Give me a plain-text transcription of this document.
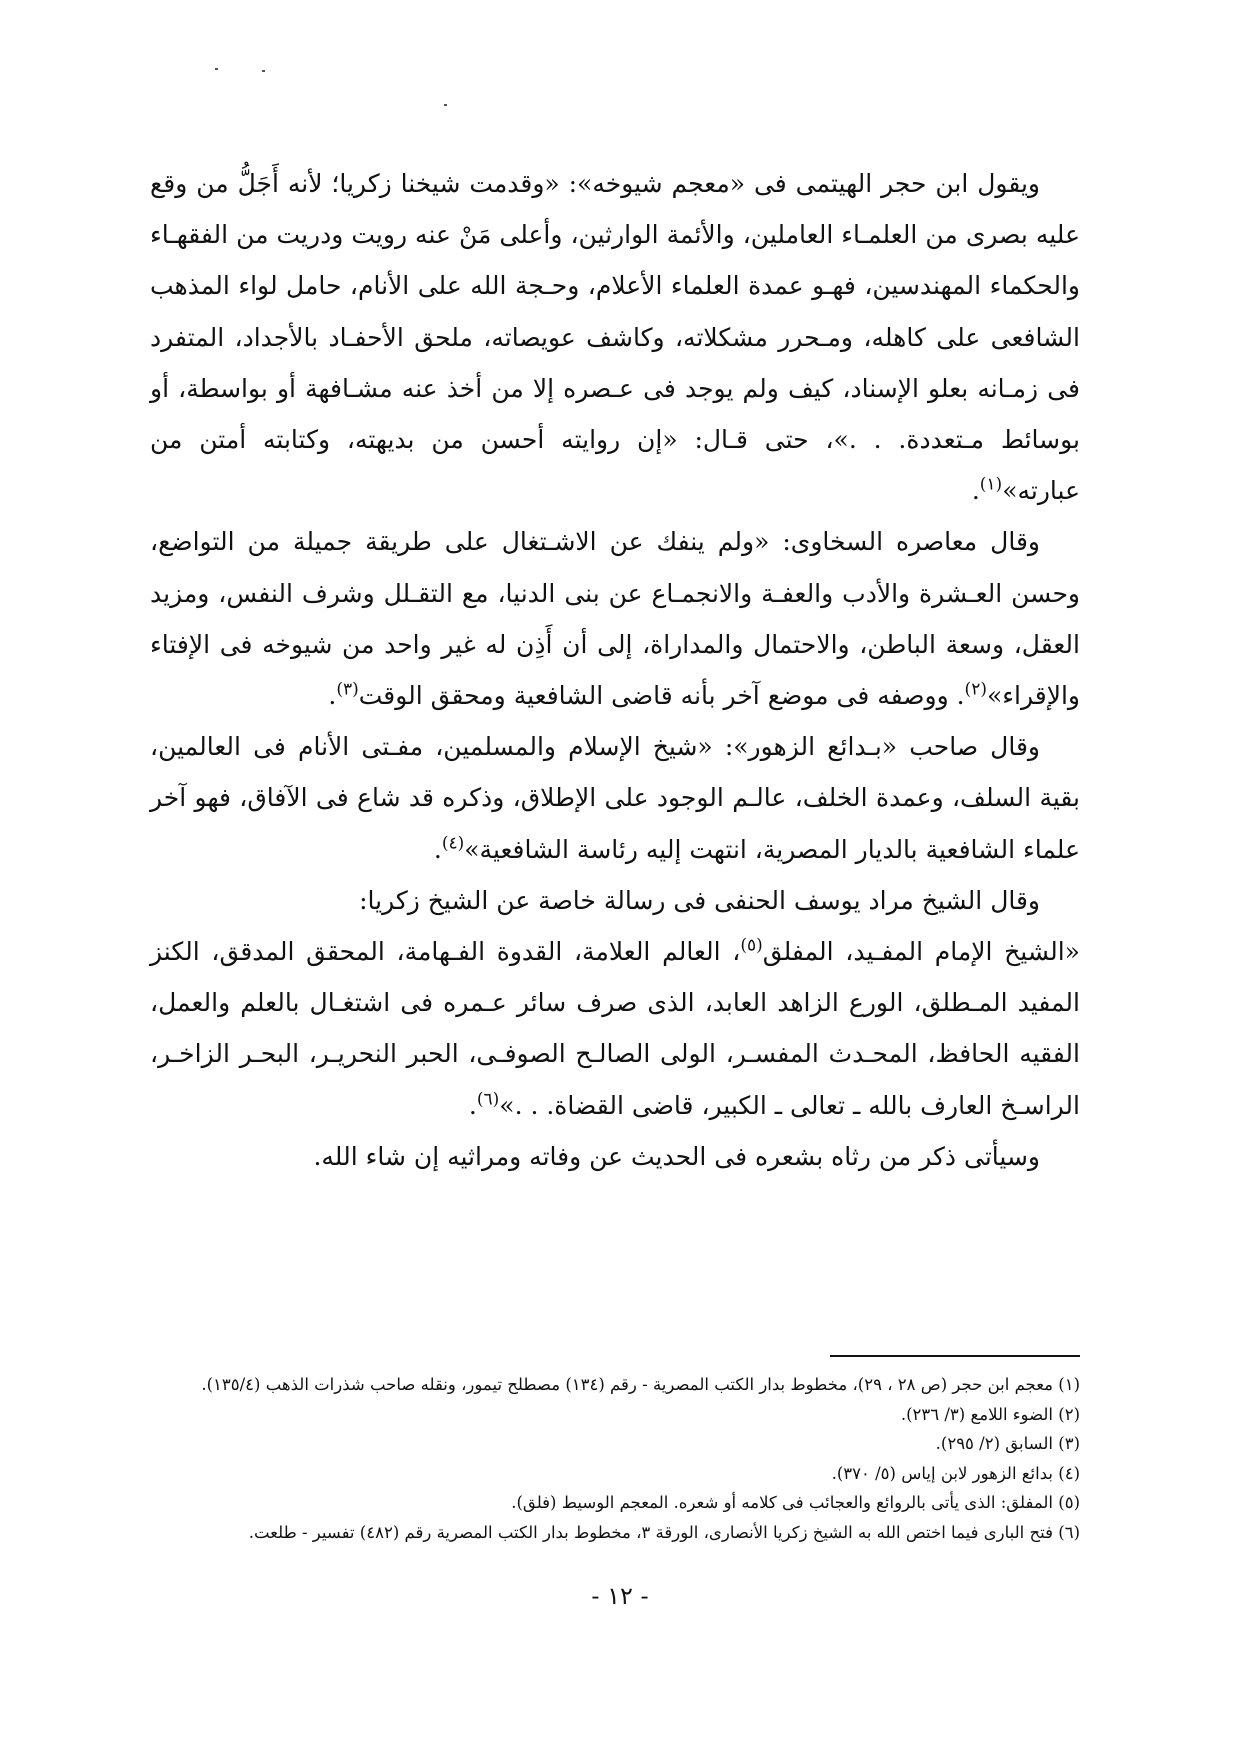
ويقول ابن حجر الهيتمى فى «معجم شيوخه»: «وقدمت شيخنا زكريا؛ لأنه أَجَلُّ من وقع عليه بصرى من العلمـاء العاملين، والأئمة الوارثين، وأعلى مَنْ عنه رويت ودريت من الفقهـاء والحكماء المهندسين، فهـو عمدة العلماء الأعلام، وحـجة الله على الأنام، حامل لواء المذهب الشافعى على كاهله، ومـحرر مشكلاته، وكاشف عويصاته، ملحق الأحفـاد بالأجداد، المتفرد فى زمـانه بعلو الإسناد، كيف ولم يوجد فى عـصره إلا من أخذ عنه مشـافهة أو بواسطة، أو بوسائط مـتعددة. . .»، حتى قـال: «إن روايته أحسن من بديهته، وكتابته أمتن من عبارته»$^{(١)}$.

وقال معاصره السخاوى: «ولم ينفك عن الاشـتغال على طريقة جميلة من التواضع، وحسن العـشرة والأدب والعفـة والانجمـاع عن بنى الدنيا، مع التقـلل وشرف النفس، ومزيد العقل، وسعة الباطن، والاحتمال والمداراة، إلى أن أَذِن له غير واحد من شيوخه فى الإفتاء والإقراء»$^{(٢)}$. ووصفه فى موضع آخر بأنه قاضى الشافعية ومحقق الوقت$^{(٣)}$.

وقال صاحب «بـدائع الزهور»: «شيخ الإسلام والمسلمين، مفـتى الأنام فى العالمين، بقية السلف، وعمدة الخلف، عالـم الوجود على الإطلاق، وذكره قد شاع فى الآفاق، فهو آخر علماء الشافعية بالديار المصرية، انتهت إليه رئاسة الشافعية»$^{(٤)}$.

وقال الشيخ مراد يوسف الحنفى فى رسالة خاصة عن الشيخ زكريا:

«الشيخ الإمام المفـيد، المفلق$^{(٥)}$، العالم العلامة، القدوة الفـهامة، المحقق المدقق، الكنز المفيد المـطلق، الورع الزاهد العابد، الذى صرف سائر عـمره فى اشتغـال بالعلم والعمل، الفقيه الحافظ، المحـدث المفسـر، الولى الصالـح الصوفـى، الحبر النحريـر، البحـر الزاخـر، الراسـخ العارف بالله ـ تعالى ـ الكبير، قاضى القضاة. . .»$^{(٦)}$.

وسيأتى ذكر من رثاه بشعره فى الحديث عن وفاته ومراثيه إن شاء الله.

(١) معجم ابن حجر (ص ٢٨ ، ٢٩)، مخطوط بدار الكتب المصرية - رقم (١٣٤) مصطلح تيمور، ونقله صاحب شذرات الذهب (١٣٥/٤).

(٢) الضوء اللامع (٣/ ٢٣٦).

(٣) السابق (٢/ ٢٩٥).

(٤) بدائع الزهور لابن إياس (٥/ ٣٧٠).

(٥) المفلق: الذى يأتى بالروائع والعجائب فى كلامه أو شعره. المعجم الوسيط (فلق).

(٦) فتح البارى فيما اختص الله به الشيخ زكريا الأنصارى، الورقة ٣، مخطوط بدار الكتب المصرية رقم (٤٨٢) تفسير - طلعت.

- ١٢ -
